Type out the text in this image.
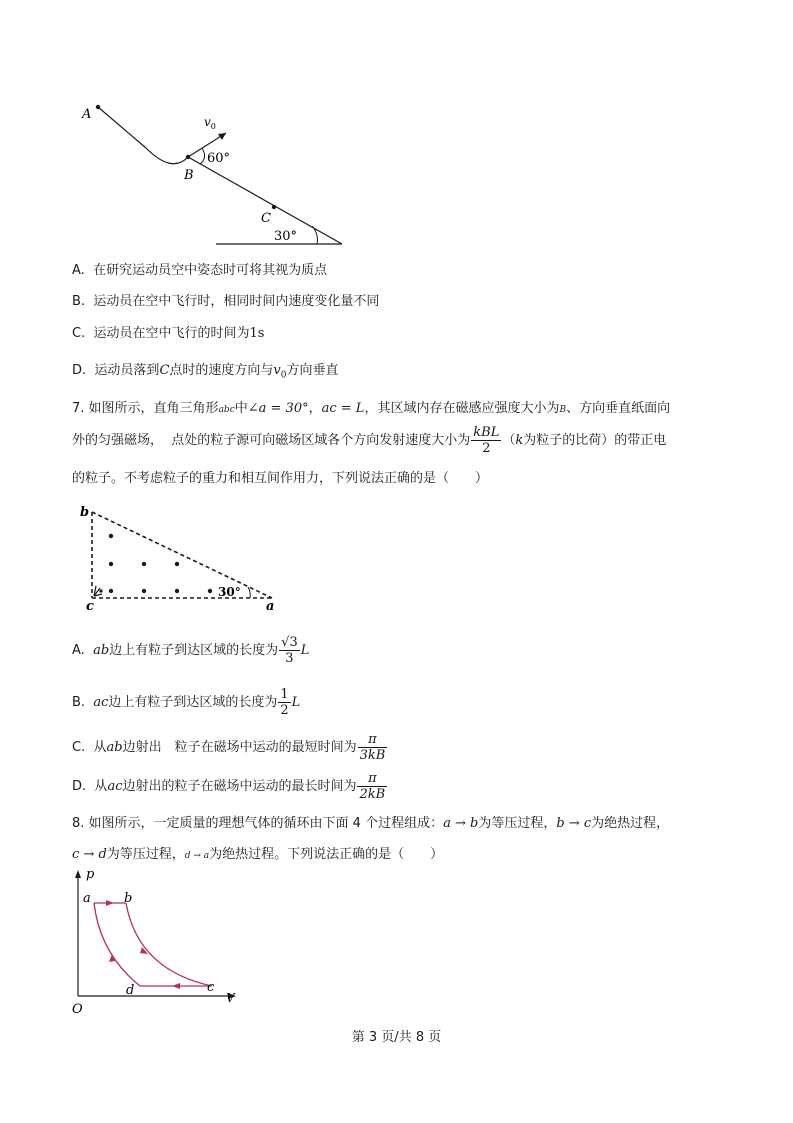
A
B
C
$v_0$
60°
30°
A. 在研究运动员空中姿态时可将其视为质点
B. 运动员在空中飞行时，相同时间内速度变化量不同
C. 运动员在空中飞行的时间为1s
D. 运动员落到C点时的速度方向与$v_0$方向垂直
7. 如图所示，直角三角形abc中∠a = 30°，ac = L，其区域内存在磁感应强度大小为B、方向垂直纸面向
外的匀强磁场， 点处的粒子源可向磁场区域各个方向发射速度大小为 $\frac{\text{kBL}}{2} (k$为粒子的比荷）的带正电
的粒子。不考虑粒子的重力和相互间作用力，下列说法正确的是（　　）
b
c	a
30°
A. ab边上有粒子到达区域的长度为 $\frac{√3}{3}$ L
B. ac边上有粒子到达区域的长度为 $\frac{1}{2}$ L
C. 从ab边射出　粒子在磁场中运动的最短时间为 $\frac{\pi}{3kB}$
D. 从ac边射出的粒子在磁场中运动的最长时间为 $\frac{\pi}{2kB}$
8. 如图所示，一定质量的理想气体的循环由下面 4 个过程组成：a → b为等压过程，b → c为绝热过程，
c → d为等压过程，d → a为绝热过程。下列说法正确的是（　　）
p
V
O
a	b
c
d
第 3 页/共 8 页
